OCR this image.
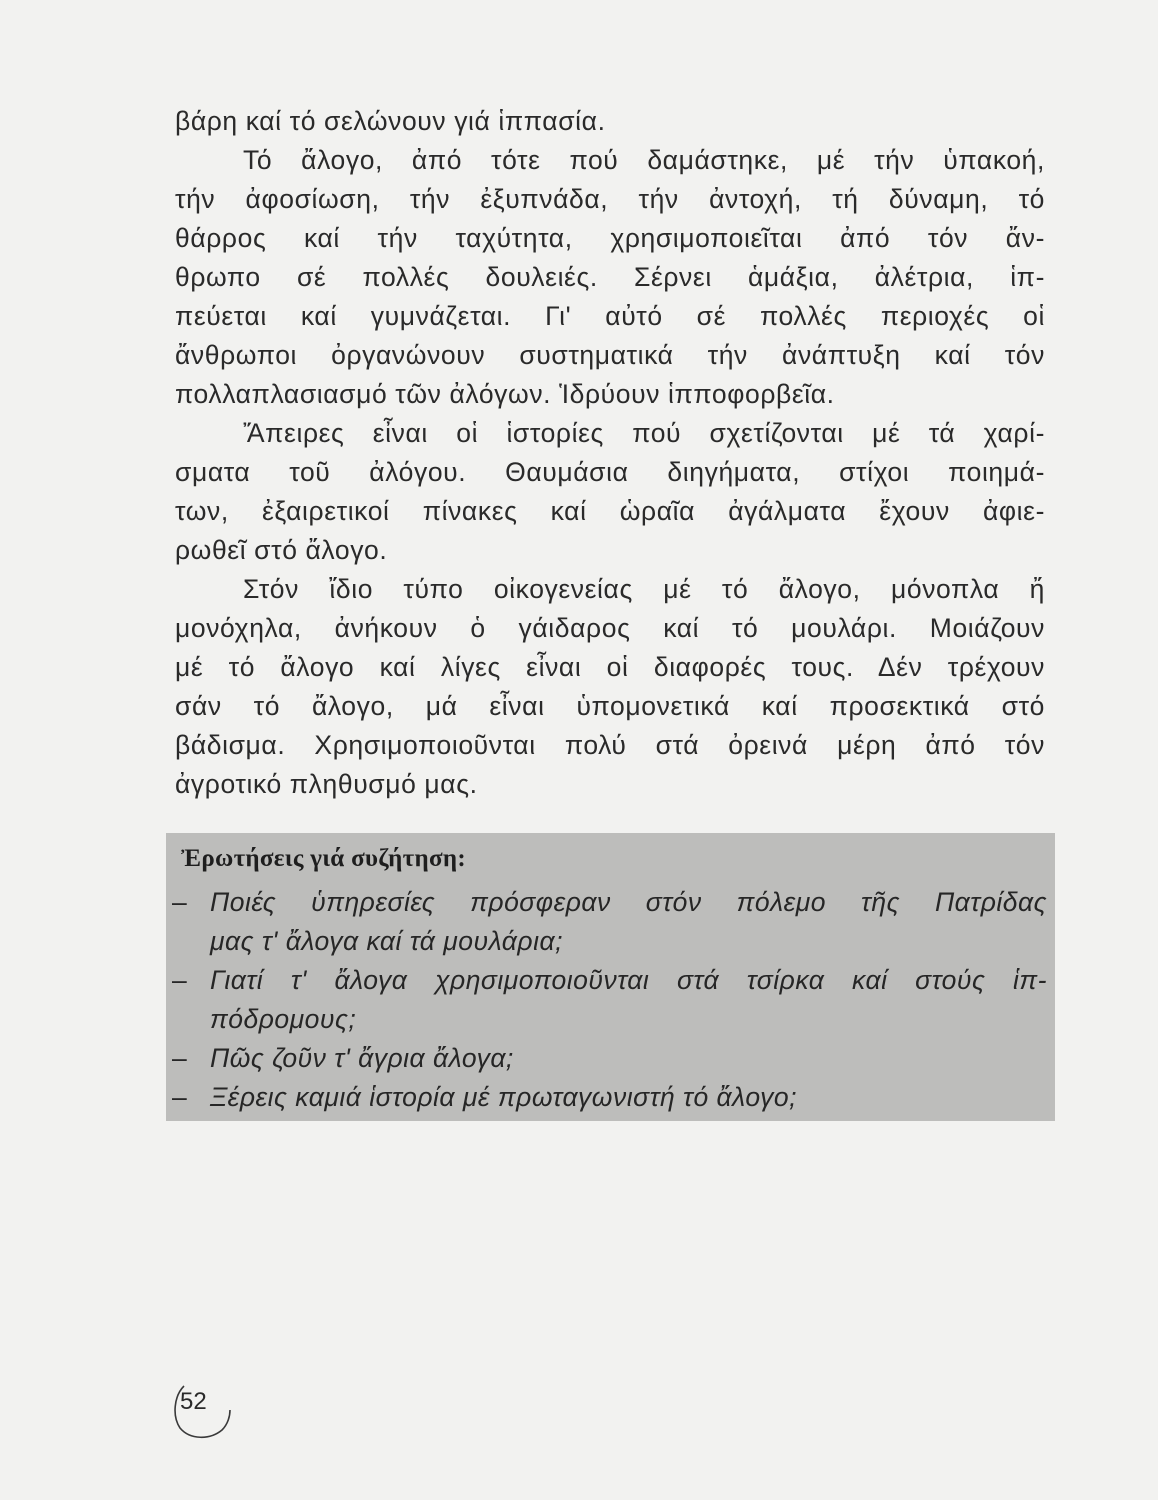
βάρη καί τό σελώνουν γιά ἱππασία.

Τό ἄλογο, ἀπό τότε πού δαμάστηκε, μέ τήν ὑπακοή,
τήν ἀφοσίωση, τήν ἐξυπνάδα, τήν ἀντοχή, τή δύναμη, τό
θάρρος καί τήν ταχύτητα, χρησιμοποιεῖται ἀπό τόν ἄν-
θρωπο σέ πολλές δουλειές. Σέρνει ἁμάξια, ἀλέτρια, ἱπ-
πεύεται καί γυμνάζεται. Γι' αὐτό σέ πολλές περιοχές οἱ
ἄνθρωποι ὀργανώνουν συστηματικά τήν ἀνάπτυξη καί τόν
πολλαπλασιασμό τῶν ἀλόγων. Ἱδρύουν ἱπποφορβεῖα.

Ἄπειρες εἶναι οἱ ἱστορίες πού σχετίζονται μέ τά χαρί-
σματα τοῦ ἀλόγου. Θαυμάσια διηγήματα, στίχοι ποιημά-
των, ἐξαιρετικοί πίνακες καί ὡραῖα ἀγάλματα ἔχουν ἀφιε-
ρωθεῖ στό ἄλογο.

Στόν ἴδιο τύπο οἰκογενείας μέ τό ἄλογο, μόνοπλα ἤ
μονόχηλα, ἀνήκουν ὁ γάιδαρος καί τό μουλάρι. Μοιάζουν
μέ τό ἄλογο καί λίγες εἶναι οἱ διαφορές τους. Δέν τρέχουν
σάν τό ἄλογο, μά εἶναι ὑπομονετικά καί προσεκτικά στό
βάδισμα. Χρησιμοποιοῦνται πολύ στά ὀρεινά μέρη ἀπό τόν
ἀγροτικό πληθυσμό μας.

Ἐρωτήσεις γιά συζήτηση:
– Ποιές ὑπηρεσίες πρόσφεραν στόν πόλεμο τῆς Πατρίδας
μας τ' ἄλογα καί τά μουλάρια;
– Γιατί τ' ἄλογα χρησιμοποιοῦνται στά τσίρκα καί στούς ἱπ-
πόδρομους;
– Πῶς ζοῦν τ' ἄγρια ἄλογα;
– Ξέρεις καμιά ἱστορία μέ πρωταγωνιστή τό ἄλογο;
52
